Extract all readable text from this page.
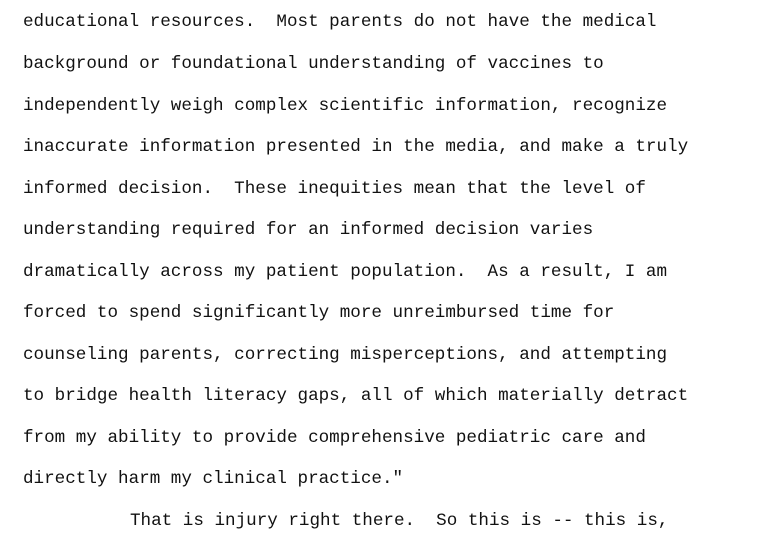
educational resources.  Most parents do not have the medical
background or foundational understanding of vaccines to
independently weigh complex scientific information, recognize
inaccurate information presented in the media, and make a truly
informed decision.  These inequities mean that the level of
understanding required for an informed decision varies
dramatically across my patient population.  As a result, I am
forced to spend significantly more unreimbursed time for
counseling parents, correcting misperceptions, and attempting
to bridge health literacy gaps, all of which materially detract
from my ability to provide comprehensive pediatric care and
directly harm my clinical practice."
That is injury right there.  So this is -- this is,
